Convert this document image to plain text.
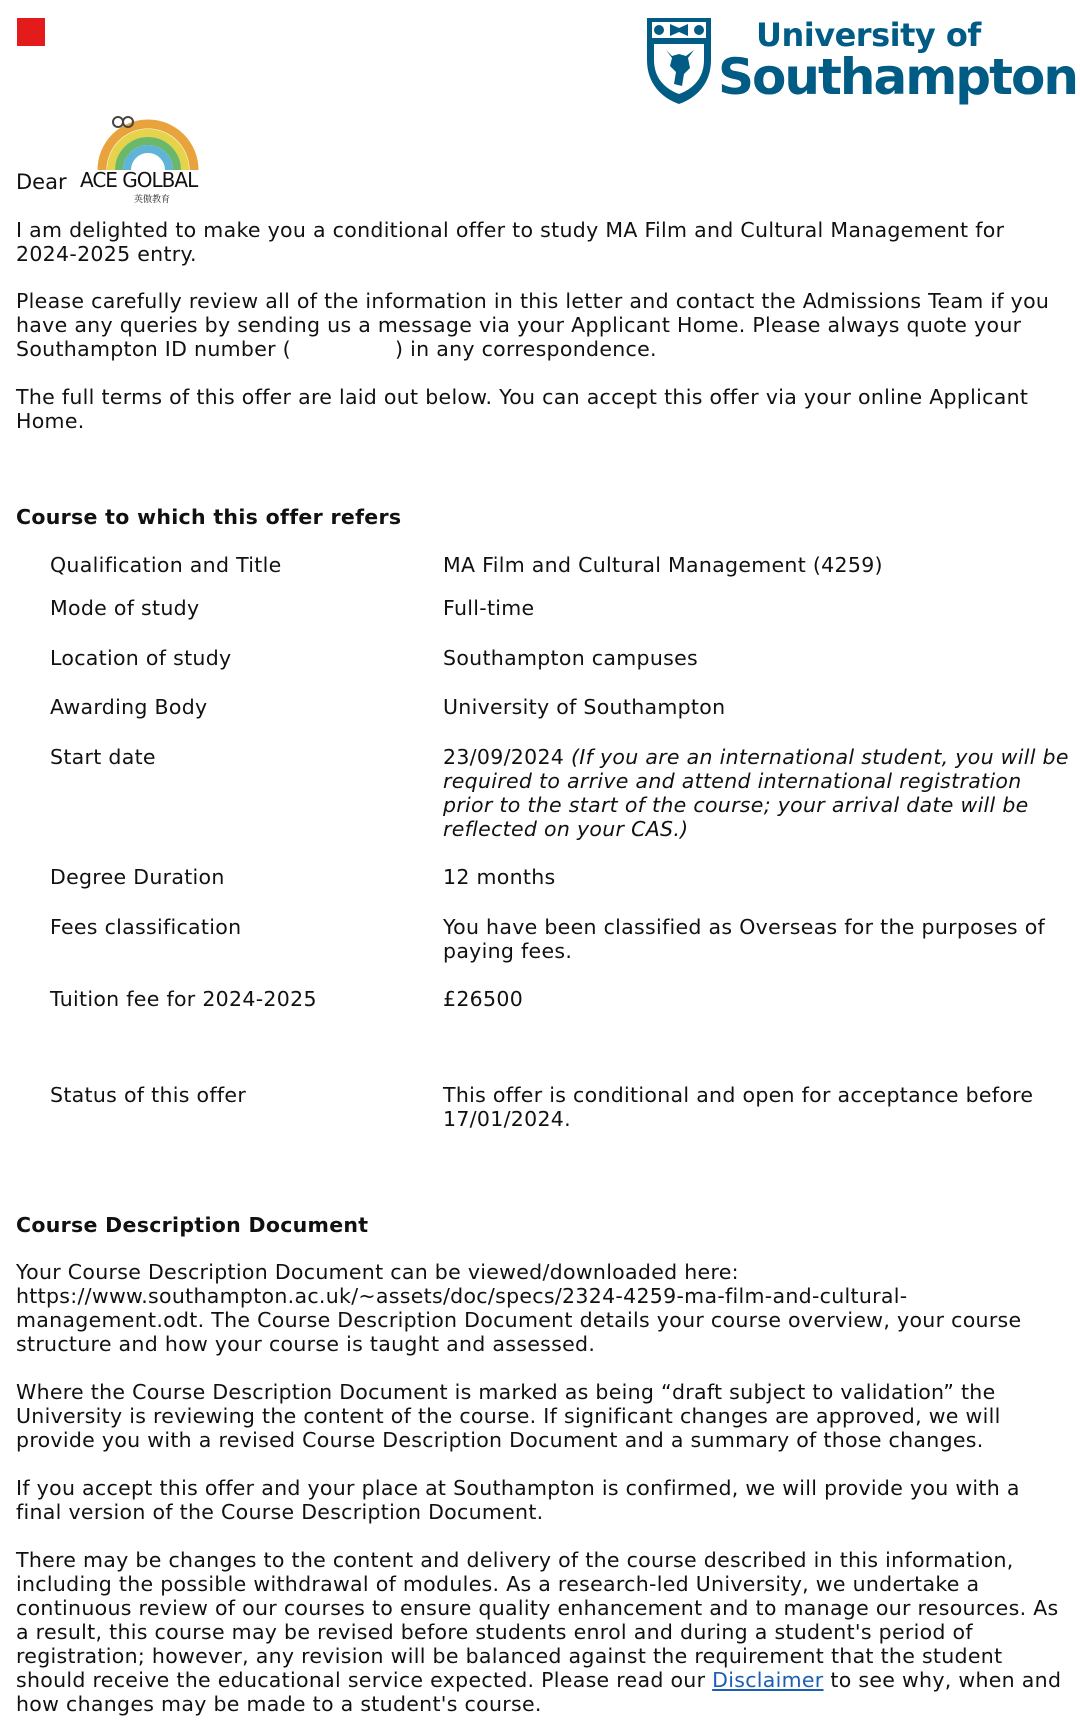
University of
Southampton
Dear ACE GOLBAL
英傲教育
I am delighted to make you a conditional offer to study MA Film and Cultural Management for 2024-2025 entry.
Please carefully review all of the information in this letter and contact the Admissions Team if you have any queries by sending us a message via your Applicant Home. Please always quote your Southampton ID number (	) in any correspondence.
The full terms of this offer are laid out below. You can accept this offer via your online Applicant Home.
Course to which this offer refers
Qualification and Title	MA Film and Cultural Management (4259)
Mode of study	Full-time
Location of study	Southampton campuses
Awarding Body	University of Southampton
Start date	23/09/2024 (If you are an international student, you will be required to arrive and attend international registration prior to the start of the course; your arrival date will be reflected on your CAS.)
Degree Duration	12 months
Fees classification	You have been classified as Overseas for the purposes of paying fees.
Tuition fee for 2024-2025	£26500
Status of this offer	This offer is conditional and open for acceptance before 17/01/2024.
Course Description Document
Your Course Description Document can be viewed/downloaded here: https://www.southampton.ac.uk/~assets/doc/specs/2324-4259-ma-film-and-cultural-management.odt. The Course Description Document details your course overview, your course structure and how your course is taught and assessed.
Where the Course Description Document is marked as being “draft subject to validation” the University is reviewing the content of the course. If significant changes are approved, we will provide you with a revised Course Description Document and a summary of those changes.
If you accept this offer and your place at Southampton is confirmed, we will provide you with a final version of the Course Description Document.
There may be changes to the content and delivery of the course described in this information, including the possible withdrawal of modules. As a research-led University, we undertake a continuous review of our courses to ensure quality enhancement and to manage our resources. As a result, this course may be revised before students enrol and during a student's period of registration; however, any revision will be balanced against the requirement that the student should receive the educational service expected. Please read our Disclaimer to see why, when and how changes may be made to a student's course.
